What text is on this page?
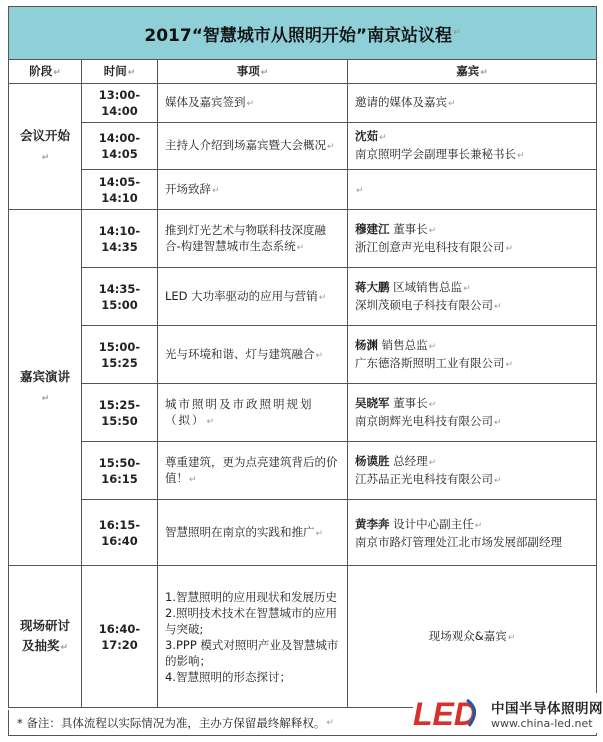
2017“智慧城市从照明开始”南京站议程 ↵
阶段↵	时间↵	事项↵	嘉宾↵
会议开始↵	13:00-14:00	媒体及嘉宾签到↵	邀请的媒体及嘉宾↵
	14:00-14:05	主持人介绍到场嘉宾暨大会概况↵	沈茹↵
南京照明学会副理事长兼秘书长↵
	14:05-14:10	开场致辞↵	↵
嘉宾演讲↵	14:10-14:35	推到灯光艺术与物联科技深度融合-构建智慧城市生态系统↵	穆建江 董事长↵
浙江创意声光电科技有限公司↵
	14:35-15:00	LED 大功率驱动的应用与营销↵	蒋大鹏 区域销售总监↵
深圳茂硕电子科技有限公司↵
	15:00-15:25	光与环境和谐、灯与建筑融合↵	杨渊 销售总监↵
广东德洛斯照明工业有限公司↵
	15:25-15:50	城市照明及市政照明规划（拟）↵	吴晓军 董事长↵
南京朗辉光电科技有限公司↵
	15:50-16:15	尊重建筑，更为点亮建筑背后的价值！↵	杨谟胜 总经理↵
江苏品正光电科技有限公司↵
	16:15-16:40	智慧照明在南京的实践和推广↵	黄李奔 设计中心副主任↵
南京市路灯管理处江北市场发展部副经理
现场研讨及抽奖↵	16:40-17:20	1.智慧照明的应用现状和发展历史
2.照明技术技术在智慧城市的应用与突破;
3.PPP 模式对照明产业及智慧城市的影响；
4.智慧照明的形态探讨；	现场观众&嘉宾↵
* 备注：具体流程以实际情况为准，主办方保留最终解释权。 ↵ LED 中国半导体照明网
www.china-led.net
